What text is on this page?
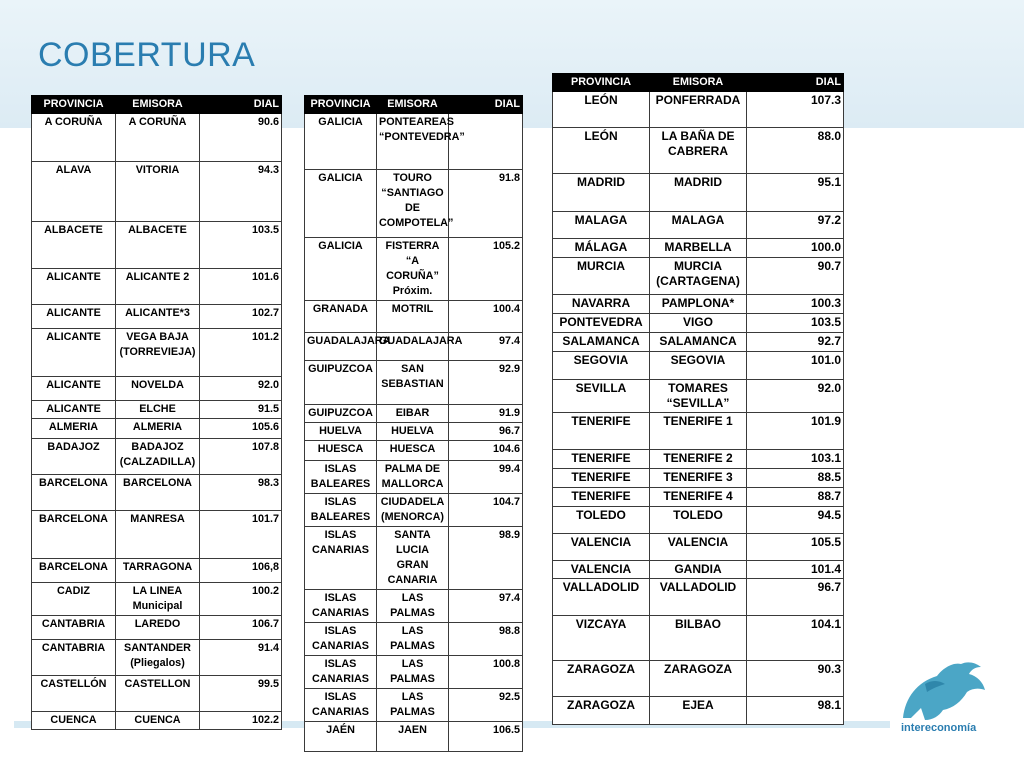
COBERTURA
PROVINCIA	EMISORA	DIAL
A CORUÑA	A CORUÑA	90.6
ALAVA	VITORIA	94.3
ALBACETE	ALBACETE	103.5
ALICANTE	ALICANTE 2	101.6
ALICANTE	ALICANTE*3	102.7
ALICANTE	VEGA BAJA (TORREVIEJA)	101.2
ALICANTE	NOVELDA	92.0
ALICANTE	ELCHE	91.5
ALMERIA	ALMERIA	105.6
BADAJOZ	BADAJOZ (CALZADILLA)	107.8
BARCELONA	BARCELONA	98.3
BARCELONA	MANRESA	101.7
BARCELONA	TARRAGONA	106,8
CADIZ	LA LINEA Municipal	100.2
CANTABRIA	LAREDO	106.7
CANTABRIA	SANTANDER (Pliegalos)	91.4
CASTELLÓN	CASTELLON	99.5
CUENCA	CUENCA	102.2
PROVINCIA	EMISORA	DIAL
GALICIA	PONTEAREAS “PONTEVEDRA”	
GALICIA	TOURO “SANTIAGO DE COMPOTELA”	91.8
GALICIA	FISTERRA “A CORUÑA” Próxim.	105.2
GRANADA	MOTRIL	100.4
GUADALAJARA	GUADALAJARA	97.4
GUIPUZCOA	SAN SEBASTIAN	92.9
GUIPUZCOA	EIBAR	91.9
HUELVA	HUELVA	96.7
HUESCA	HUESCA	104.6
ISLAS BALEARES	PALMA DE MALLORCA	99.4
ISLAS BALEARES	CIUDADELA (MENORCA)	104.7
ISLAS CANARIAS	SANTA LUCIA GRAN CANARIA	98.9
ISLAS CANARIAS	LAS PALMAS	97.4
ISLAS CANARIAS	LAS PALMAS	98.8
ISLAS CANARIAS	LAS PALMAS	100.8
ISLAS CANARIAS	LAS PALMAS	92.5
JAÉN	JAEN	106.5
PROVINCIA	EMISORA	DIAL
LEÓN	PONFERRADA	107.3
LEÓN	LA BAÑA DE CABRERA	88.0
MADRID	MADRID	95.1
MALAGA	MALAGA	97.2
MÁLAGA	MARBELLA	100.0
MURCIA	MURCIA (CARTAGENA)	90.7
NAVARRA	PAMPLONA*	100.3
PONTEVEDRA	VIGO	103.5
SALAMANCA	SALAMANCA	92.7
SEGOVIA	SEGOVIA	101.0
SEVILLA	TOMARES “SEVILLA”	92.0
TENERIFE	TENERIFE 1	101.9
TENERIFE	TENERIFE 2	103.1
TENERIFE	TENERIFE 3	88.5
TENERIFE	TENERIFE 4	88.7
TOLEDO	TOLEDO	94.5
VALENCIA	VALENCIA	105.5
VALENCIA	GANDIA	101.4
VALLADOLID	VALLADOLID	96.7
VIZCAYA	BILBAO	104.1
ZARAGOZA	ZARAGOZA	90.3
ZARAGOZA	EJEA	98.1
intereconomía
